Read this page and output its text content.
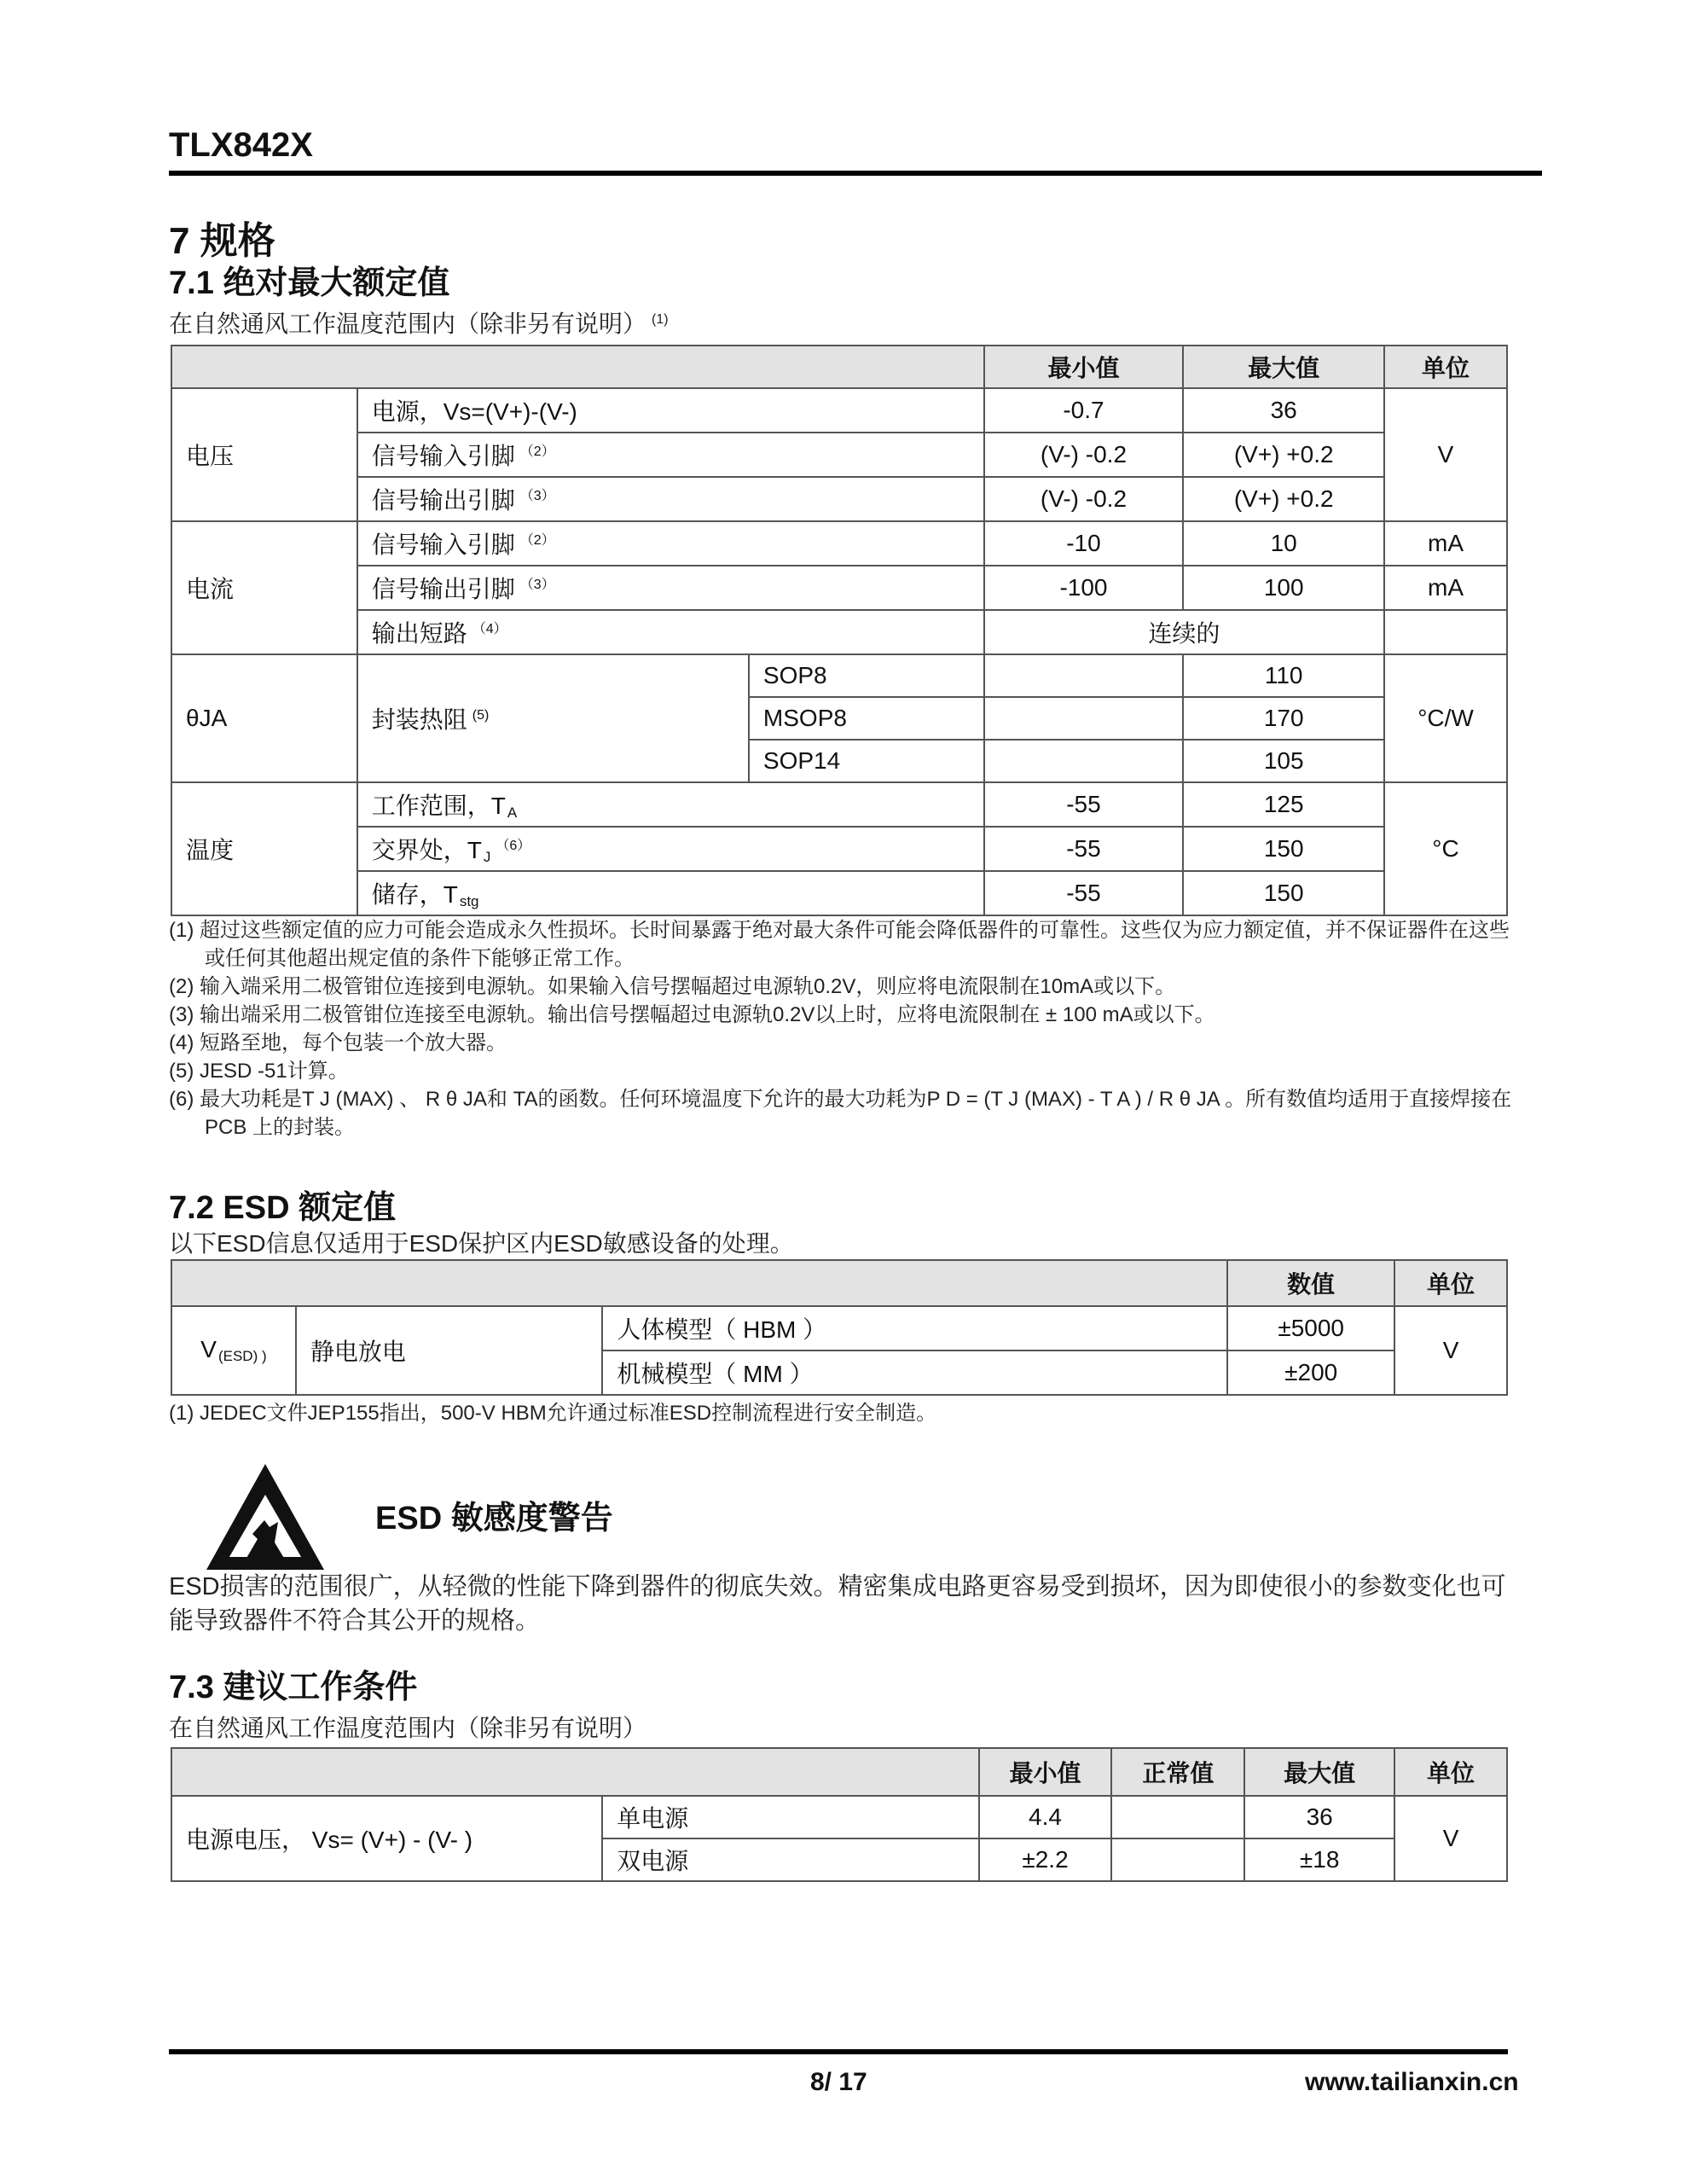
TLX842X
7 规格
7.1 绝对最大额定值
在自然通风工作温度范围内（除非另有说明） $^{(1)}$
			最小值	最大值	单位
电压	电源，Vs=(V+)-(V-)		-0.7	36	V
	信号输入引脚 $^{(2)}$		(V-) -0.2	(V+) +0.2	
	信号输出引脚 $^{(3)}$		(V-) -0.2	(V+) +0.2	
电流	信号输入引脚 $^{(2)}$		-10	10	mA
	信号输出引脚 $^{(3)}$		-100	100	mA
	输出短路 $^{(4)}$		连续的		
θJA	封装热阻 $^{(5)}$	SOP8		110	°C/W
		MSOP8		170	
		SOP14		105	
温度	工作范围，T $_A$		-55	125	°C
	交界处，T $_J^{(6)}$		-55	150	
	储存，T $_{stg}$		-55	150	
(1) 超过这些额定值的应力可能会造成永久性损坏。长时间暴露于绝对最大条件可能会降低器件的可靠性。这些仅为应力额定值，并不保证器件在这些或任何其他超出规定值的条件下能够正常工作。
(2) 输入端采用二极管钳位连接到电源轨。如果输入信号摆幅超过电源轨0.2V，则应将电流限制在10mA或以下。
(3) 输出端采用二极管钳位连接至电源轨。输出信号摆幅超过电源轨0.2V以上时，应将电流限制在 ± 100 mA或以下。
(4) 短路至地，每个包装一个放大器。
(5) JESD -51计算。
(6) 最大功耗是T J (MAX) 、 R θ JA和 TA的函数。任何环境温度下允许的最大功耗为P D = (T J (MAX) - T A ) / R θ JA 。所有数值均适用于直接焊接在PCB 上的封装。
7.2 ESD 额定值
以下ESD信息仅适用于ESD保护区内ESD敏感设备的处理。
			数值	单位
V $_{(ESD) )}$	静电放电	人体模型（ HBM ）	±5000	V
		机械模型（ MM ）	±200	
(1) JEDEC文件JEP155指出，500-V HBM允许通过标准ESD控制流程进行安全制造。
ESD 敏感度警告
ESD损害的范围很广，从轻微的性能下降到器件的彻底失效。精密集成电路更容易受到损坏，因为即使很小的参数变化也可能导致器件不符合其公开的规格。
7.3 建议工作条件
在自然通风工作温度范围内（除非另有说明）
		最小值	正常值	最大值	单位
电源电压， Vs= (V+) - (V- )	单电源	4.4		36	V
	双电源	±2.2		±18	
8/ 17	www.tailianxin.cn
